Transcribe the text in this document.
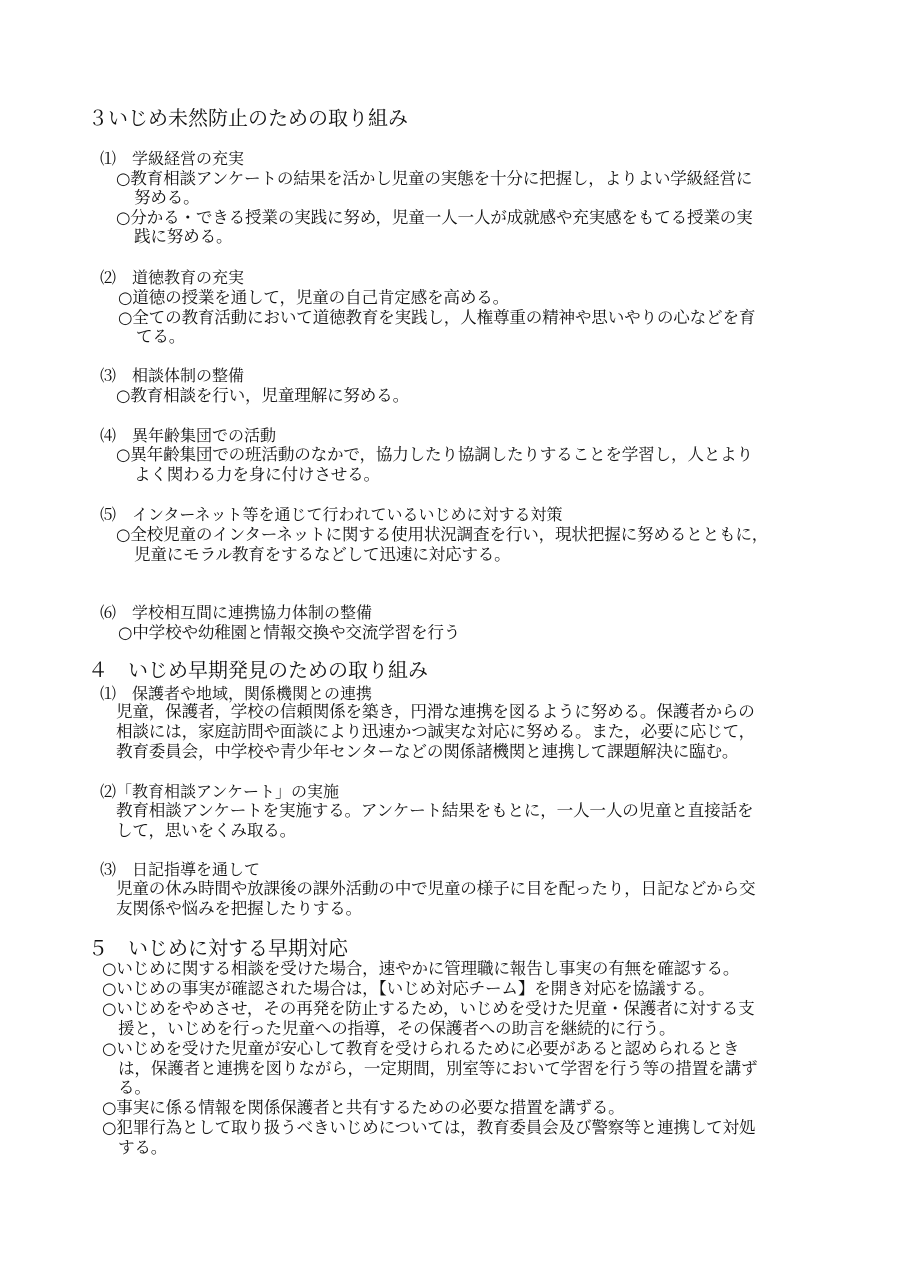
３いじめ未然防止のための取り組み
⑴　学級経営の充実
○教育相談アンケートの結果を活かし児童の実態を十分に把握し，よりよい学級経営に
努める。
○分かる・できる授業の実践に努め，児童一人一人が成就感や充実感をもてる授業の実
践に努める。
⑵　道徳教育の充実
○道徳の授業を通して，児童の自己肯定感を高める。
○全ての教育活動において道徳教育を実践し，人権尊重の精神や思いやりの心などを育
てる。
⑶　相談体制の整備
○教育相談を行い，児童理解に努める。
⑷　異年齢集団での活動
○異年齢集団での班活動のなかで，協力したり協調したりすることを学習し，人とより
よく関わる力を身に付けさせる。
⑸　インターネット等を通じて行われているいじめに対する対策
○全校児童のインターネットに関する使用状況調査を行い，現状把握に努めるとともに，
児童にモラル教育をするなどして迅速に対応する。
⑹　学校相互間に連携協力体制の整備
○中学校や幼稚園と情報交換や交流学習を行う
４　いじめ早期発見のための取り組み
⑴　保護者や地域，関係機関との連携
児童，保護者，学校の信頼関係を築き，円滑な連携を図るように努める。保護者からの
相談には，家庭訪問や面談により迅速かつ誠実な対応に努める。また，必要に応じて，
教育委員会，中学校や青少年センターなどの関係諸機関と連携して課題解決に臨む。
⑵「教育相談アンケート」の実施
教育相談アンケートを実施する。アンケート結果をもとに，一人一人の児童と直接話を
して，思いをくみ取る。
⑶　日記指導を通して
児童の休み時間や放課後の課外活動の中で児童の様子に目を配ったり，日記などから交
友関係や悩みを把握したりする。
５　いじめに対する早期対応
○いじめに関する相談を受けた場合，速やかに管理職に報告し事実の有無を確認する。
○いじめの事実が確認された場合は，【いじめ対応チーム】を開き対応を協議する。
○いじめをやめさせ，その再発を防止するため，いじめを受けた児童・保護者に対する支
援と，いじめを行った児童への指導，その保護者への助言を継続的に行う。
○いじめを受けた児童が安心して教育を受けられるために必要があると認められるとき
は，保護者と連携を図りながら，一定期間，別室等において学習を行う等の措置を講ず
る。
○事実に係る情報を関係保護者と共有するための必要な措置を講ずる。
○犯罪行為として取り扱うべきいじめについては，教育委員会及び警察等と連携して対処
する。
